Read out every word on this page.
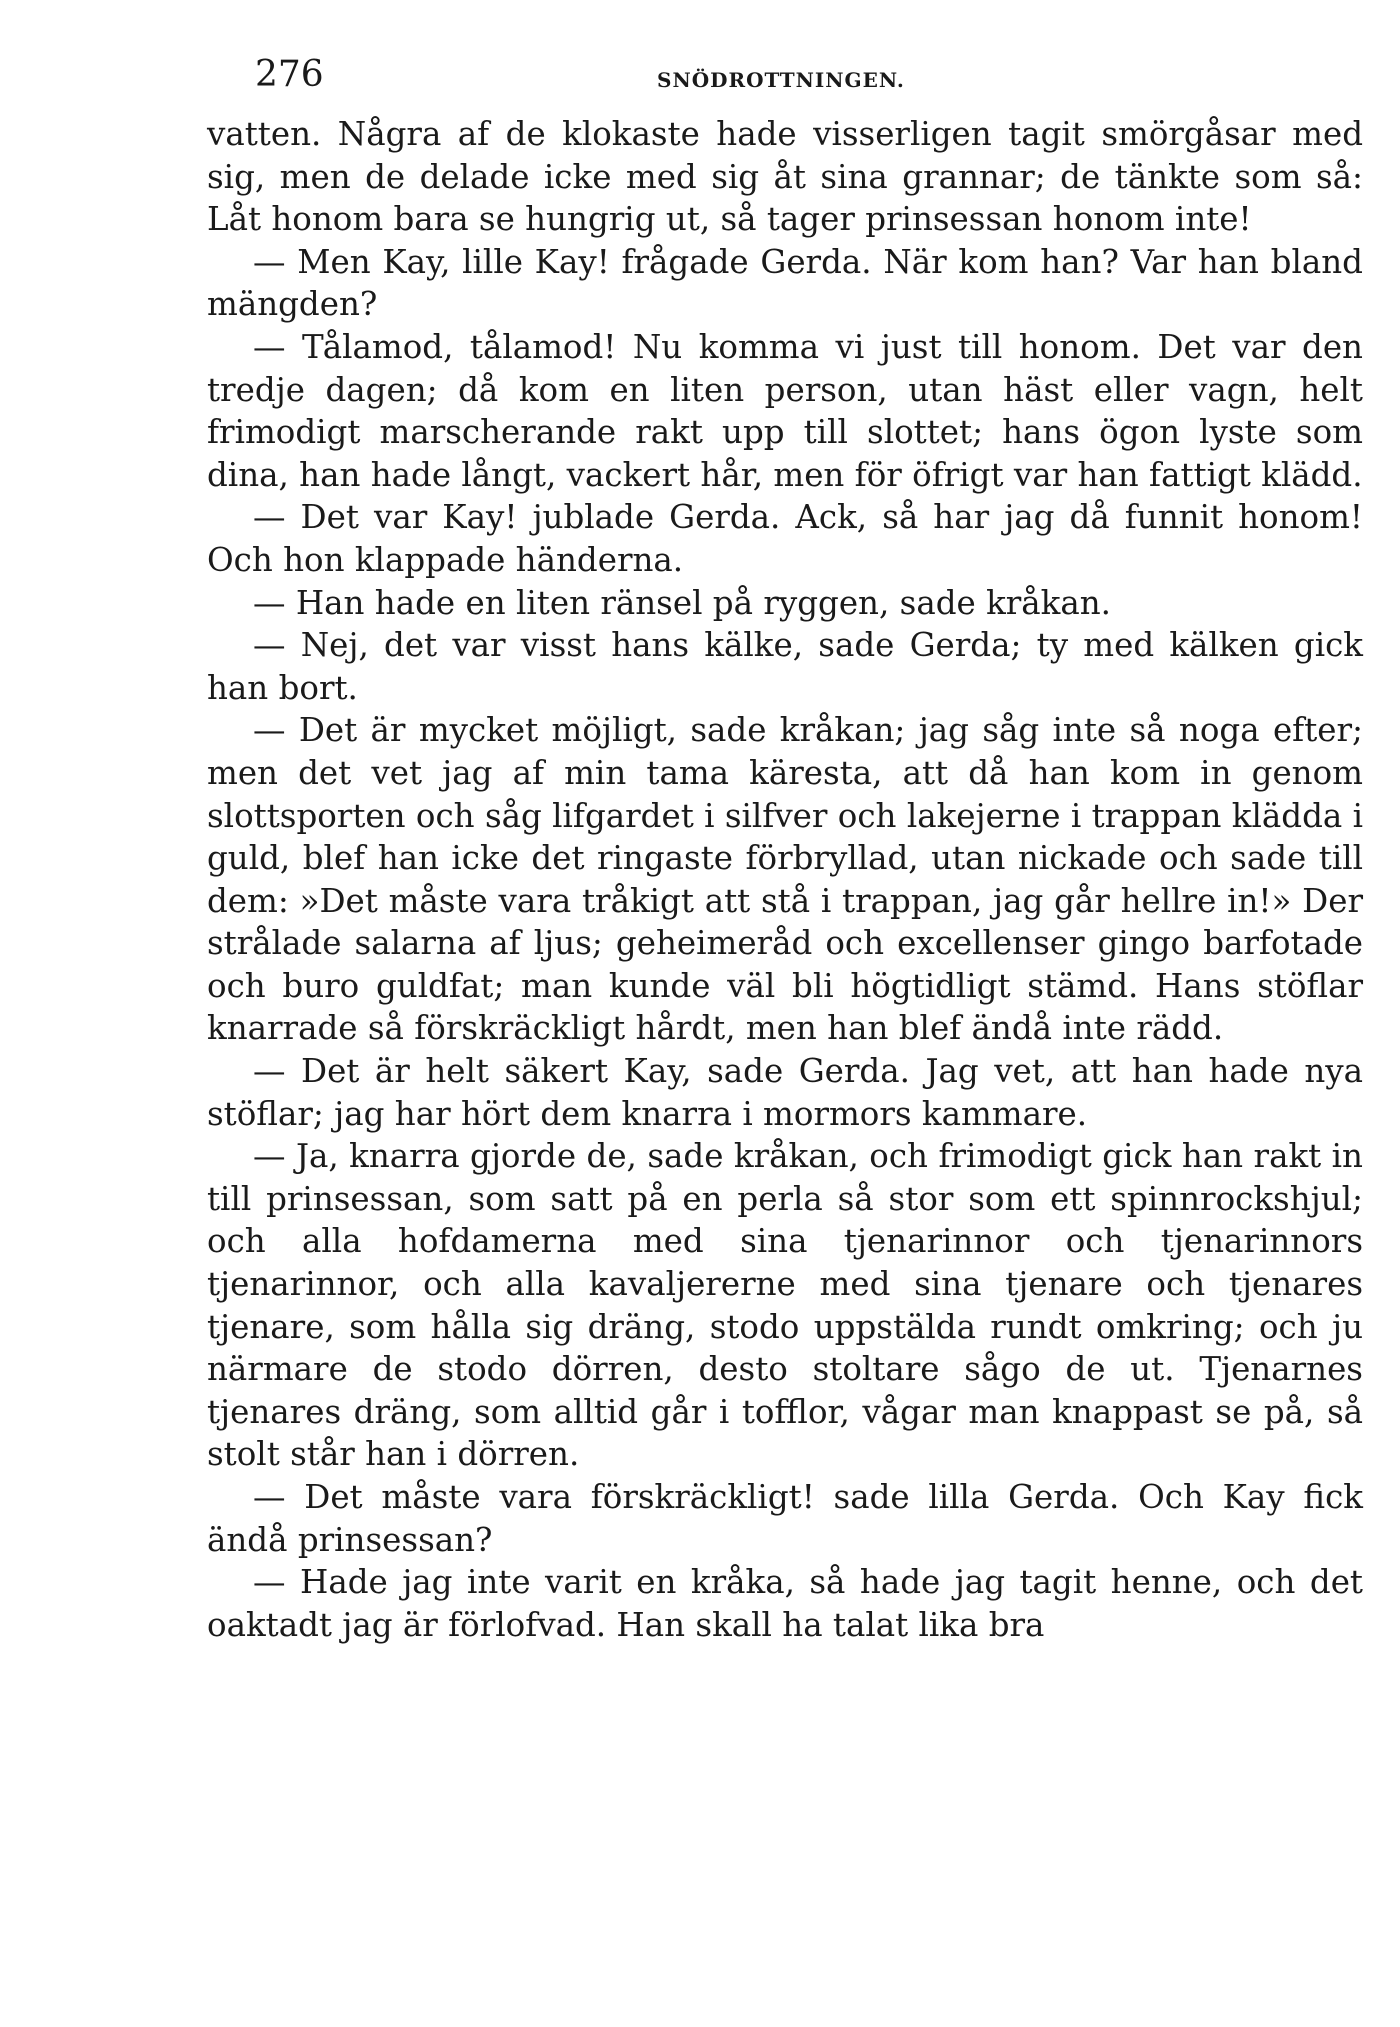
276	SNÖDROTTNINGEN.

vatten. Några af de klokaste hade visserligen tagit smörgåsar med sig, men de delade icke med sig åt sina grannar; de tänkte som så: Låt honom bara se hungrig ut, så tager prinsessan honom inte!

— Men Kay, lille Kay! frågade Gerda. När kom han? Var han bland mängden?

— Tålamod, tålamod! Nu komma vi just till honom. Det var den tredje dagen; då kom en liten person, utan häst eller vagn, helt frimodigt marscherande rakt upp till slottet; hans ögon lyste som dina, han hade långt, vackert hår, men för öfrigt var han fattigt klädd.

— Det var Kay! jublade Gerda. Ack, så har jag då funnit honom! Och hon klappade händerna.

— Han hade en liten ränsel på ryggen, sade kråkan.

— Nej, det var visst hans kälke, sade Gerda; ty med kälken gick han bort.

— Det är mycket möjligt, sade kråkan; jag såg inte så noga efter; men det vet jag af min tama käresta, att då han kom in genom slottsporten och såg lifgardet i silfver och lakejerne i trappan klädda i guld, blef han icke det ringaste förbryllad, utan nickade och sade till dem: »Det måste vara tråkigt att stå i trappan, jag går hellre in!» Der strålade salarna af ljus; geheimeråd och excellenser gingo barfotade och buro guldfat; man kunde väl bli högtidligt stämd. Hans stöflar knarrade så förskräckligt hårdt, men han blef ändå inte rädd.

— Det är helt säkert Kay, sade Gerda. Jag vet, att han hade nya stöflar; jag har hört dem knarra i mormors kammare.

— Ja, knarra gjorde de, sade kråkan, och frimodigt gick han rakt in till prinsessan, som satt på en perla så stor som ett spinnrockshjul; och alla hofdamerna med sina tjenarinnor och tjenarinnors tjenarinnor, och alla kavaljererne med sina tjenare och tjenares tjenare, som hålla sig dräng, stodo uppstälda rundt omkring; och ju närmare de stodo dörren, desto stoltare sågo de ut. Tjenarnes tjenares dräng, som alltid går i tofflor, vågar man knappast se på, så stolt står han i dörren.

— Det måste vara förskräckligt! sade lilla Gerda. Och Kay fick ändå prinsessan?

— Hade jag inte varit en kråka, så hade jag tagit henne, och det oaktadt jag är förlofvad. Han skall ha talat lika bra
